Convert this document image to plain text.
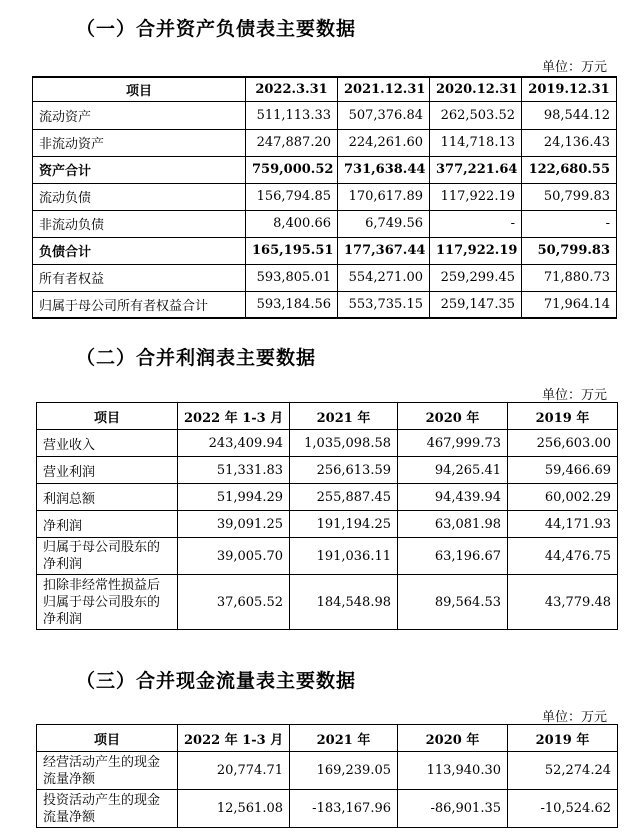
（一）合并资产负债表主要数据
单位：万元
项目	2022.3.31	2021.12.31	2020.12.31	2019.12.31
流动资产	511,113.33	507,376.84	262,503.52	98,544.12
非流动资产	247,887.20	224,261.60	114,718.13	24,136.43
资产合计	759,000.52	731,638.44	377,221.64	122,680.55
流动负债	156,794.85	170,617.89	117,922.19	50,799.83
非流动负债	8,400.66	6,749.56	-	-
负债合计	165,195.51	177,367.44	117,922.19	50,799.83
所有者权益	593,805.01	554,271.00	259,299.45	71,880.73
归属于母公司所有者权益合计	593,184.56	553,735.15	259,147.35	71,964.14
（二）合并利润表主要数据
单位：万元
项目	2022 年 1-3 月	2021 年	2020 年	2019 年
营业收入	243,409.94	1,035,098.58	467,999.73	256,603.00
营业利润	51,331.83	256,613.59	94,265.41	59,466.69
利润总额	51,994.29	255,887.45	94,439.94	60,002.29
净利润	39,091.25	191,194.25	63,081.98	44,171.93
归属于母公司股东的净利润	39,005.70	191,036.11	63,196.67	44,476.75
扣除非经常性损益后归属于母公司股东的净利润	37,605.52	184,548.98	89,564.53	43,779.48
（三）合并现金流量表主要数据
单位：万元
项目	2022 年 1-3 月	2021 年	2020 年	2019 年
经营活动产生的现金流量净额	20,774.71	169,239.05	113,940.30	52,274.24
投资活动产生的现金流量净额	12,561.08	-183,167.96	-86,901.35	-10,524.62
